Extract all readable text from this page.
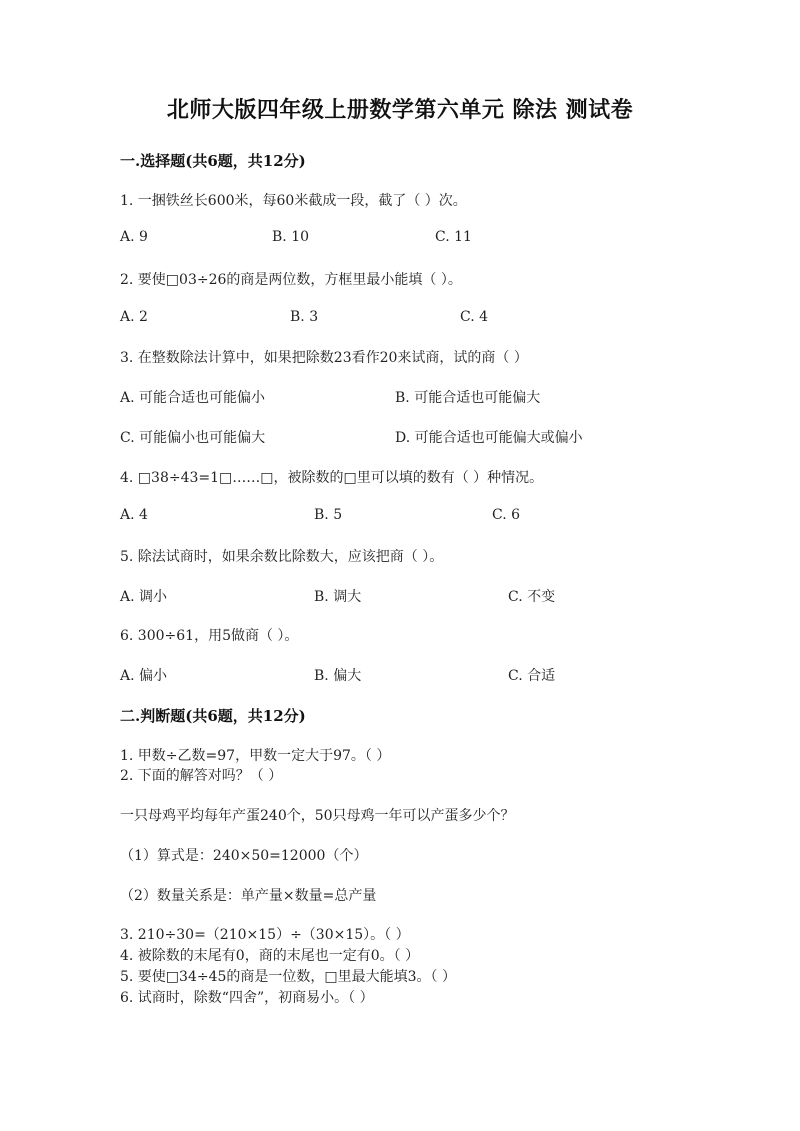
北师大版四年级上册数学第六单元 除法 测试卷
一.选择题(共6题，共12分)
1. 一捆铁丝长600米，每60米截成一段，截了（ ）次。
A. 9	B. 10	C. 11
2. 要使□03÷26的商是两位数，方框里最小能填（ ）。
A. 2	B. 3	C. 4
3. 在整数除法计算中，如果把除数23看作20来试商，试的商（ ）
A. 可能合适也可能偏小	B. 可能合适也可能偏大
C. 可能偏小也可能偏大	D. 可能合适也可能偏大或偏小
4. □38÷43=1□……□，被除数的□里可以填的数有（ ）种情况。
A. 4	B. 5	C. 6
5. 除法试商时，如果余数比除数大，应该把商（ ）。
A. 调小	B. 调大	C. 不变
6. 300÷61，用5做商（ ）。
A. 偏小	B. 偏大	C. 合适
二.判断题(共6题，共12分)
1. 甲数÷乙数=97，甲数一定大于97。（ ）
2. 下面的解答对吗？（ ）
一只母鸡平均每年产蛋240个，50只母鸡一年可以产蛋多少个？
（1）算式是：240×50=12000（个）
（2）数量关系是：单产量×数量=总产量
3. 210÷30=（210×15）÷（30×15）。（ ）
4. 被除数的末尾有0，商的末尾也一定有0。（ ）
5. 要使□34÷45的商是一位数，□里最大能填3。（ ）
6. 试商时，除数“四舍”，初商易小。（ ）
